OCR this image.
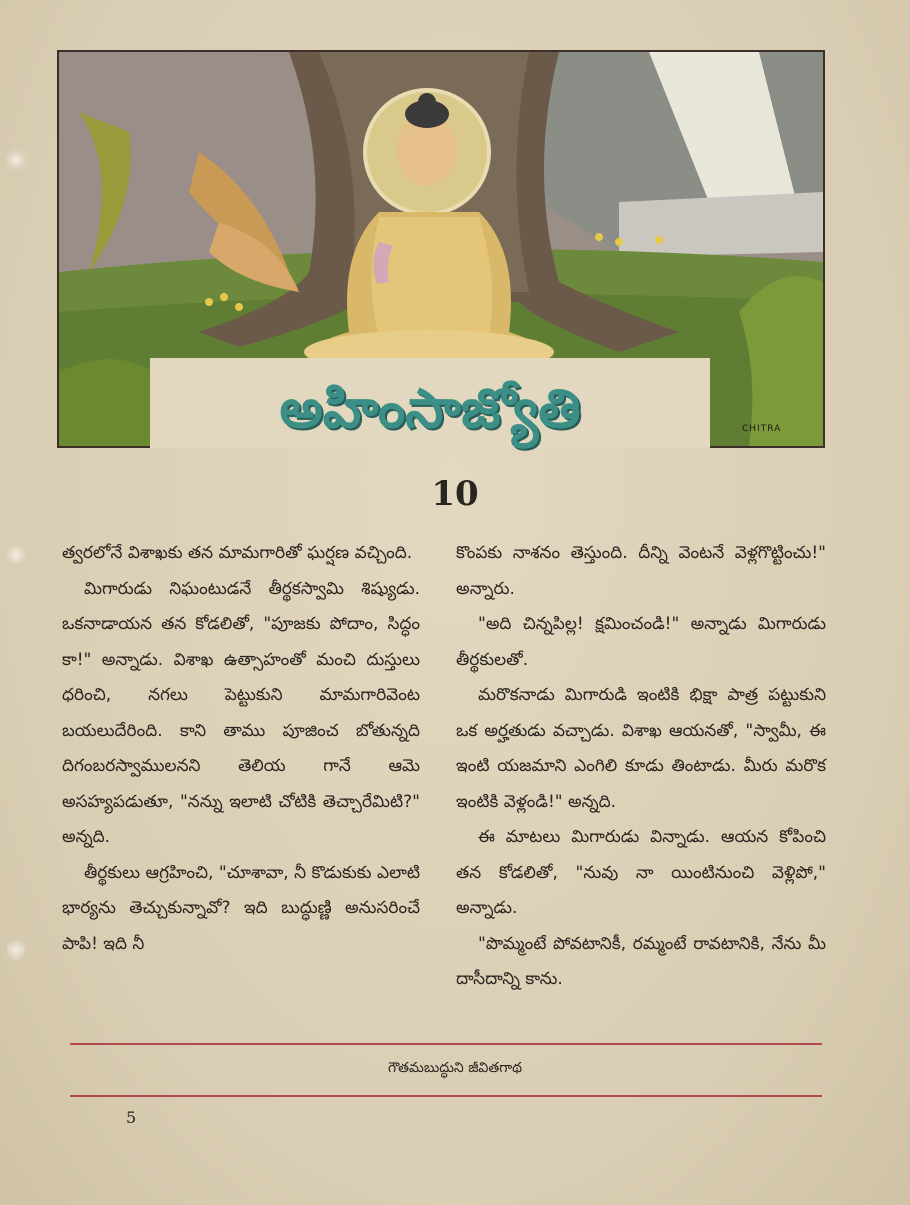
అహింసాజ్యోతి	CHITRA
10

త్వరలోనే విశాఖకు తన మామగారితో ఘర్షణ వచ్చింది.

మిగారుడు నిఘంటుడనే తీర్థకస్వామి శిష్యుడు. ఒకనాడాయన తన కోడలితో, "పూజకు పోదాం, సిద్ధం కా!" అన్నాడు. విశాఖ ఉత్సాహంతో మంచి దుస్తులు ధరించి, నగలు పెట్టుకుని మామగారివెంట బయలుదేరింది. కాని తాము పూజించ బోతున్నది దిగంబరస్వాములనని తెలియ గానే ఆమె అసహ్యపడుతూ, "నన్ను ఇలాటి చోటికి తెచ్చారేమిటి?" అన్నది.

తీర్థకులు ఆగ్రహించి, "చూశావా, నీ కొడుకుకు ఎలాటి భార్యను తెచ్చుకున్నావో? ఇది బుద్ధుణ్ణి అనుసరించే పాపి! ఇది నీ

కొంపకు నాశనం తెస్తుంది. దీన్ని వెంటనే వెళ్లగొట్టించు!" అన్నారు.

"అది చిన్నపిల్ల! క్షమించండి!" అన్నాడు మిగారుడు తీర్థకులతో.

మరొకనాడు మిగారుడి ఇంటికి భిక్షా పాత్ర పట్టుకుని ఒక అర్హతుడు వచ్చాడు. విశాఖ ఆయనతో, "స్వామీ, ఈ ఇంటి యజమాని ఎంగిలి కూడు తింటాడు. మీరు మరొక ఇంటికి వెళ్లండి!" అన్నది.

ఈ మాటలు మిగారుడు విన్నాడు. ఆయన కోపించి తన కోడలితో, "నువు నా యింటినుంచి వెళ్లిపో," అన్నాడు.

"పొమ్మంటే పోవటానికీ, రమ్మంటే రావటానికి, నేను మీ దాసీదాన్ని కాను.

గౌతమబుద్ధుని జీవితగాథ
5
